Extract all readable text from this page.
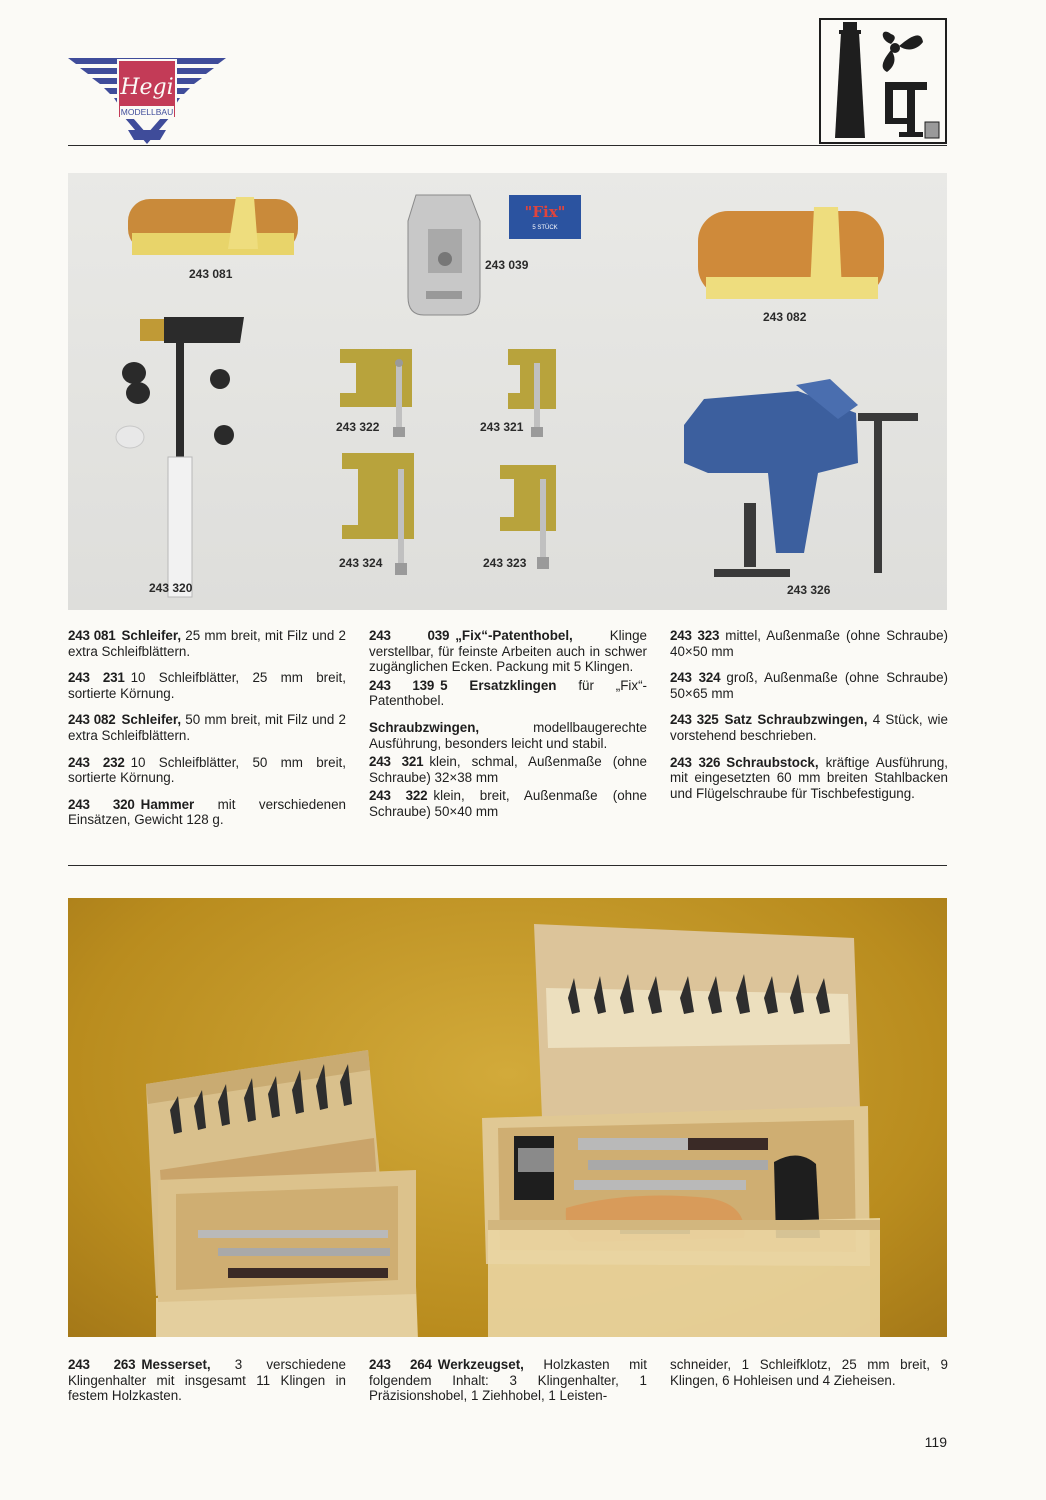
Hegi
MODELLBAU
"Fix"
5 STÜCK
243 081
243 039
243 082
243 322	243 321
243 324	243 323
243 320	243 326

243 081 Schleifer, 25 mm breit, mit Filz und 2 extra Schleifblättern.

243 231 10 Schleifblätter, 25 mm breit, sortierte Körnung.

243 082 Schleifer, 50 mm breit, mit Filz und 2 extra Schleifblättern.

243 232 10 Schleifblätter, 50 mm breit, sortierte Körnung.

243 320 Hammer mit verschiedenen Einsätzen, Gewicht 128 g.

243 039 „Fix“-Patenthobel,	Klinge verstellbar, für feinste Arbeiten auch in schwer zugänglichen Ecken. Packung mit 5 Klingen.

243 139 5 Ersatzklingen für „Fix“-Patenthobel.

Schraubzwingen,	modellbaugerechte Ausführung, besonders leicht und stabil.

243 321 klein, schmal, Außenmaße (ohne Schraube) 32×38 mm

243 322 klein, breit, Außenmaße (ohne Schraube) 50×40 mm

243 323 mittel, Außenmaße (ohne Schraube) 40×50 mm

243 324 groß, Außenmaße (ohne Schraube) 50×65 mm

243 325 Satz Schraubzwingen, 4 Stück, wie vorstehend beschrieben.

243 326 Schraubstock, kräftige Ausführung, mit eingesetzten 60 mm breiten Stahlbacken und Flügelschraube für Tischbefestigung.

243 263 Messerset, 3 verschiedene Klingenhalter mit insgesamt 11 Klingen in festem Holzkasten.

243 264 Werkzeugset, Holzkasten mit folgendem Inhalt: 3 Klingenhalter, 1 Präzisionshobel, 1 Ziehhobel, 1 Leisten-

schneider, 1 Schleifklotz, 25 mm breit, 9 Klingen, 6 Hohleisen und 4 Zieheisen.

119
